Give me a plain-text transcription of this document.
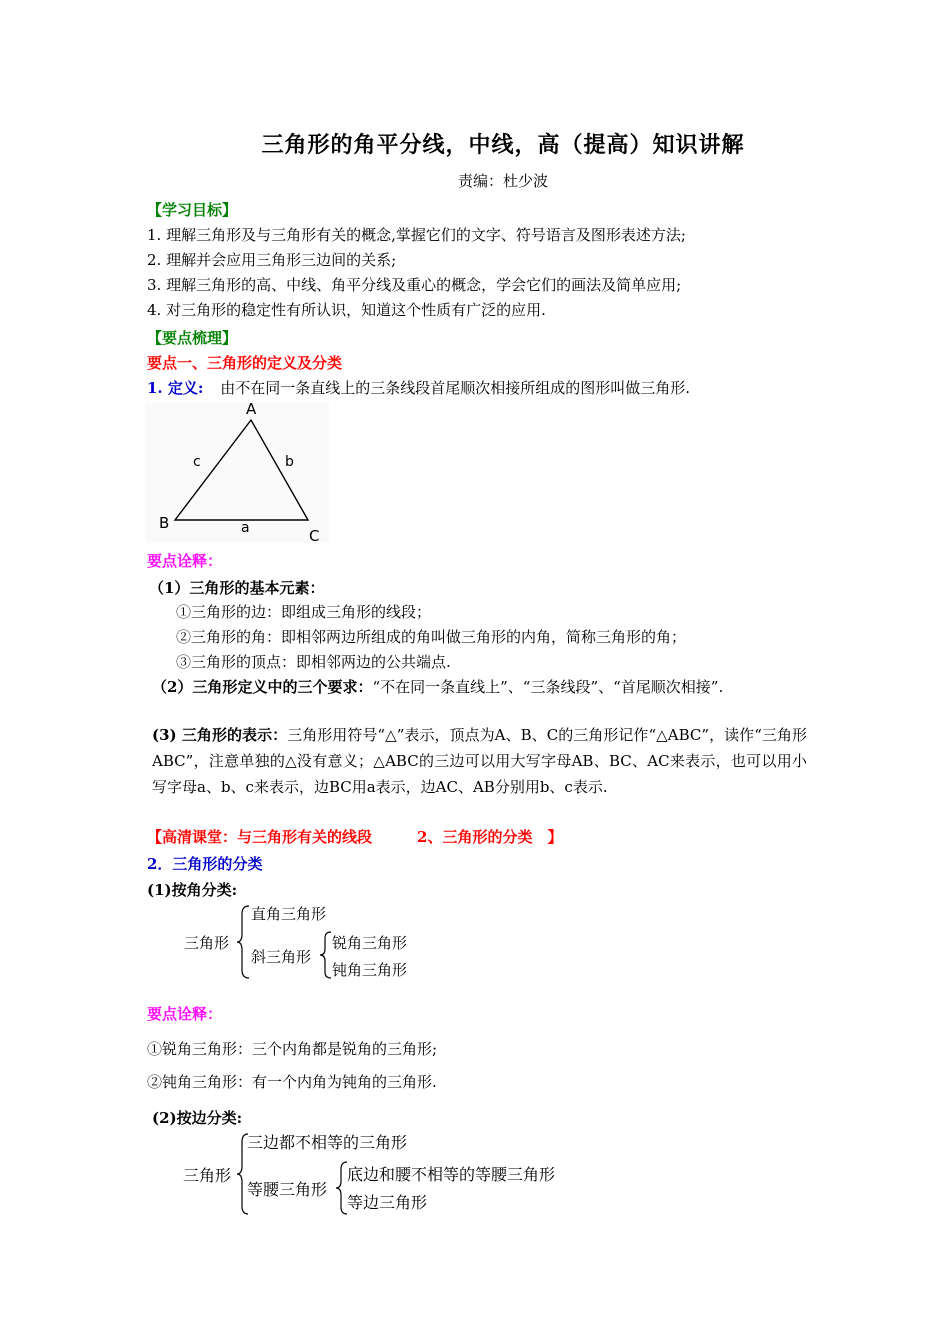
三角形的角平分线，中线，高（提高）知识讲解
责编：杜少波
【学习目标】
1. 理解三角形及与三角形有关的概念,掌握它们的文字、符号语言及图形表述方法;
2. 理解并会应用三角形三边间的关系;
3. 理解三角形的高、中线、角平分线及重心的概念，学会它们的画法及简单应用;
4. 对三角形的稳定性有所认识，知道这个性质有广泛的应用.
【要点梳理】
要点一、三角形的定义及分类
1. 定义: 由不在同一条直线上的三条线段首尾顺次相接所组成的图形叫做三角形.
A
B
C
a
b
c
要点诠释：
（1）三角形的基本元素：
①三角形的边：即组成三角形的线段；
②三角形的角：即相邻两边所组成的角叫做三角形的内角，简称三角形的角；
③三角形的顶点：即相邻两边的公共端点.
（2）三角形定义中的三个要求：“不在同一条直线上”、“三条线段”、“首尾顺次相接”.
(3) 三角形的表示：三角形用符号“△”表示，顶点为A、B、C的三角形记作“△ABC”，读作“三角形ABC”，注意单独的△没有意义；△ABC的三边可以用大写字母AB、BC、AC来表示，也可以用小写字母a、b、c来表示，边BC用a表示，边AC、AB分别用b、c表示.
【高清课堂：与三角形有关的线段　　　2、三角形的分类　】
2．三角形的分类
(1)按角分类:
三角形
直角三角形
斜三角形
锐角三角形
钝角三角形
要点诠释：
①锐角三角形：三个内角都是锐角的三角形;
②钝角三角形：有一个内角为钝角的三角形.
(2)按边分类:
三角形
三边都不相等的三角形
等腰三角形
底边和腰不相等的等腰三角形
等边三角形
